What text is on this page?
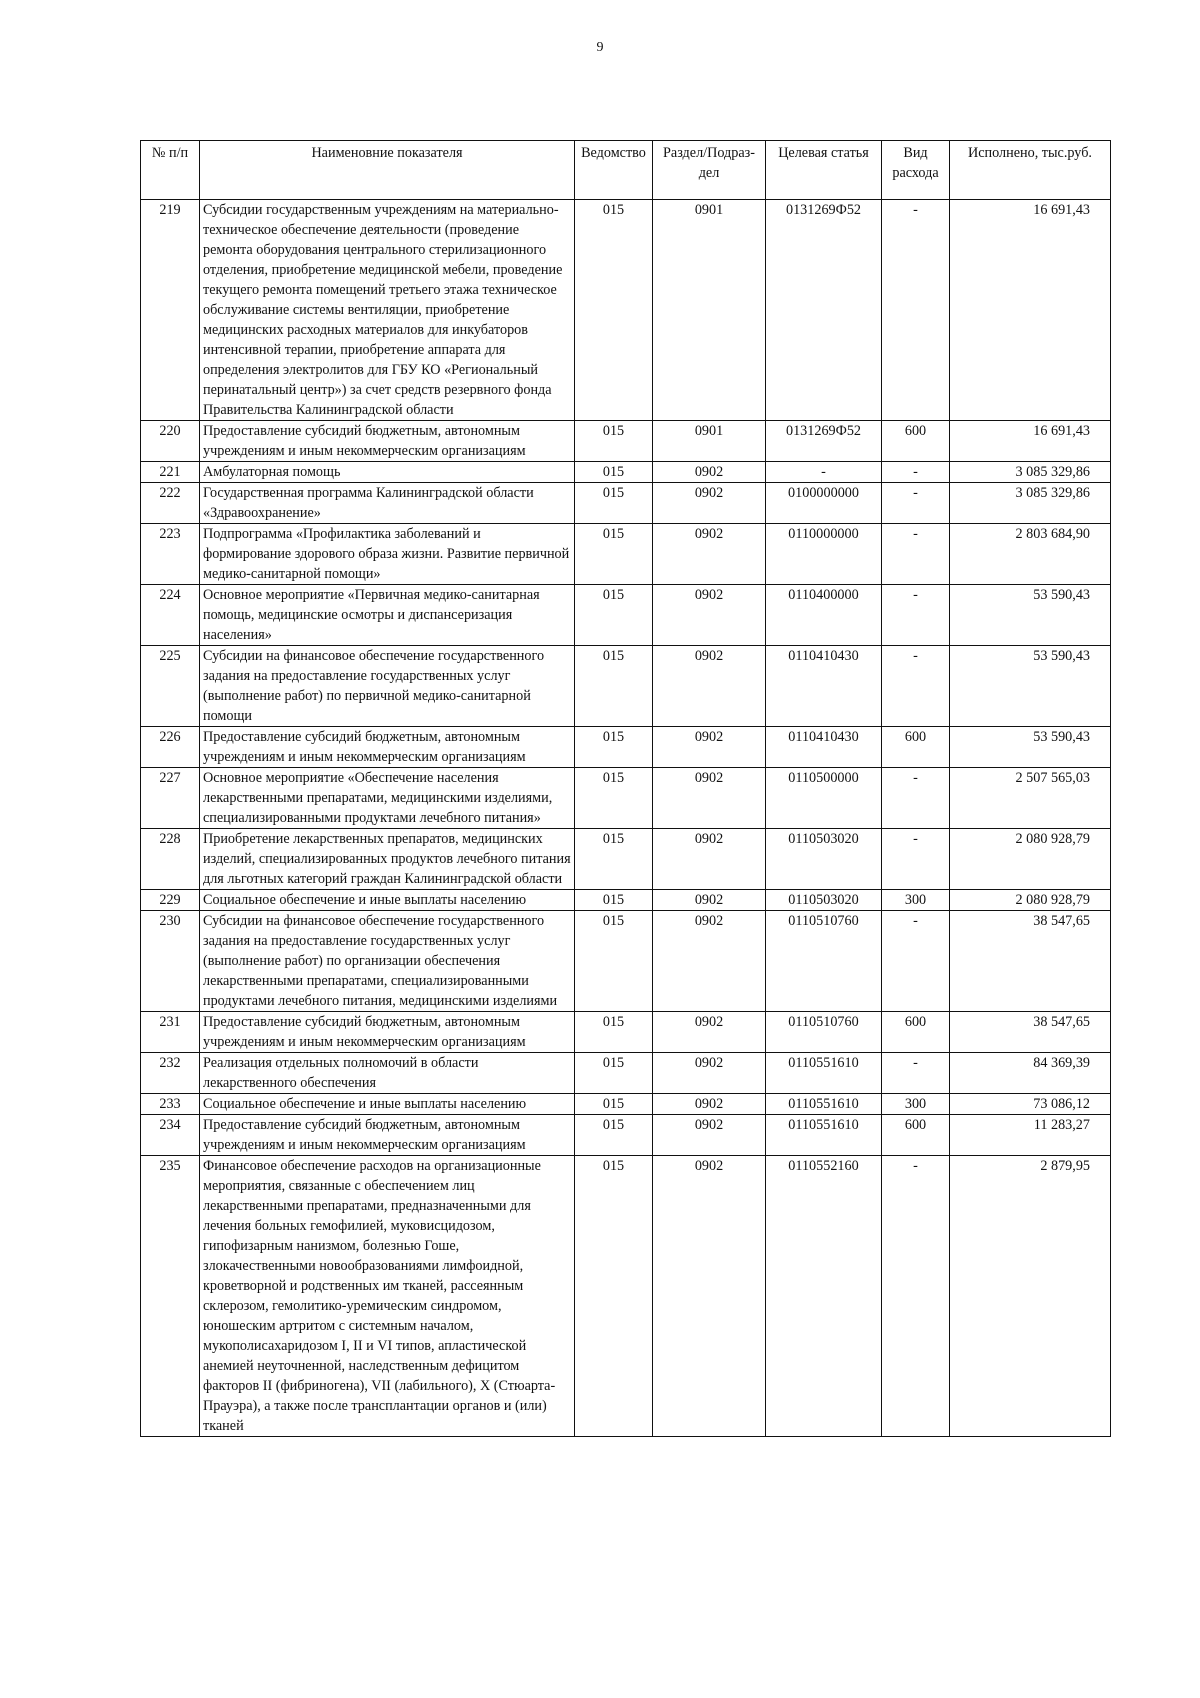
9
№ п/п	Наименовние показателя	Ведомство	Раздел/Подраз-дел	Целевая статья	Вид расхода	Исполнено, тыс.руб.
219	Субсидии государственным учреждениям на материально-техническое обеспечение деятельности (проведение ремонта оборудования центрального стерилизационного отделения, приобретение медицинской мебели, проведение текущего ремонта помещений третьего этажа техническое обслуживание системы вентиляции, приобретение медицинских расходных материалов для инкубаторов интенсивной терапии, приобретение аппарата для определения электролитов для ГБУ КО «Региональный перинатальный центр») за счет средств резервного фонда Правительства Калининградской области	015	0901	0131269Ф52	-	16 691,43
220	Предоставление субсидий бюджетным, автономным учреждениям и иным некоммерческим организациям	015	0901	0131269Ф52	600	16 691,43
221	Амбулаторная помощь	015	0902	-	-	3 085 329,86
222	Государственная программа Калининградской области «Здравоохранение»	015	0902	0100000000	-	3 085 329,86
223	Подпрограмма «Профилактика заболеваний и формирование здорового образа жизни. Развитие первичной медико-санитарной помощи»	015	0902	0110000000	-	2 803 684,90
224	Основное мероприятие «Первичная медико-санитарная помощь, медицинские осмотры и диспансеризация населения»	015	0902	0110400000	-	53 590,43
225	Субсидии на финансовое обеспечение государственного задания на предоставление государственных услуг (выполнение работ) по первичной медико-санитарной помощи	015	0902	0110410430	-	53 590,43
226	Предоставление субсидий бюджетным, автономным учреждениям и иным некоммерческим организациям	015	0902	0110410430	600	53 590,43
227	Основное мероприятие «Обеспечение населения лекарственными препаратами, медицинскими изделиями, специализированными продуктами лечебного питания»	015	0902	0110500000	-	2 507 565,03
228	Приобретение лекарственных препаратов, медицинских изделий, специализированных продуктов лечебного питания для льготных категорий граждан Калининградской области	015	0902	0110503020	-	2 080 928,79
229	Социальное обеспечение и иные выплаты населению	015	0902	0110503020	300	2 080 928,79
230	Субсидии на финансовое обеспечение государственного задания на предоставление государственных услуг (выполнение работ) по организации обеспечения лекарственными препаратами, специализированными продуктами лечебного питания, медицинскими изделиями	015	0902	0110510760	-	38 547,65
231	Предоставление субсидий бюджетным, автономным учреждениям и иным некоммерческим организациям	015	0902	0110510760	600	38 547,65
232	Реализация отдельных полномочий в области лекарственного обеспечения	015	0902	0110551610	-	84 369,39
233	Социальное обеспечение и иные выплаты населению	015	0902	0110551610	300	73 086,12
234	Предоставление субсидий бюджетным, автономным учреждениям и иным некоммерческим организациям	015	0902	0110551610	600	11 283,27
235	Финансовое обеспечение расходов на организационные мероприятия, связанные с обеспечением лиц лекарственными препаратами, предназначенными для лечения больных гемофилией, муковисцидозом, гипофизарным нанизмом, болезнью Гоше, злокачественными новообразованиями лимфоидной, кроветворной и родственных им тканей, рассеянным склерозом, гемолитико-уремическим синдромом, юношеским артритом с системным началом, мукополисахаридозом I, II и VI типов, апластической анемией неуточненной, наследственным дефицитом факторов II (фибриногена), VII (лабильного), X (Стюарта-Прауэра), а также после трансплантации органов и (или) тканей	015	0902	0110552160	-	2 879,95
